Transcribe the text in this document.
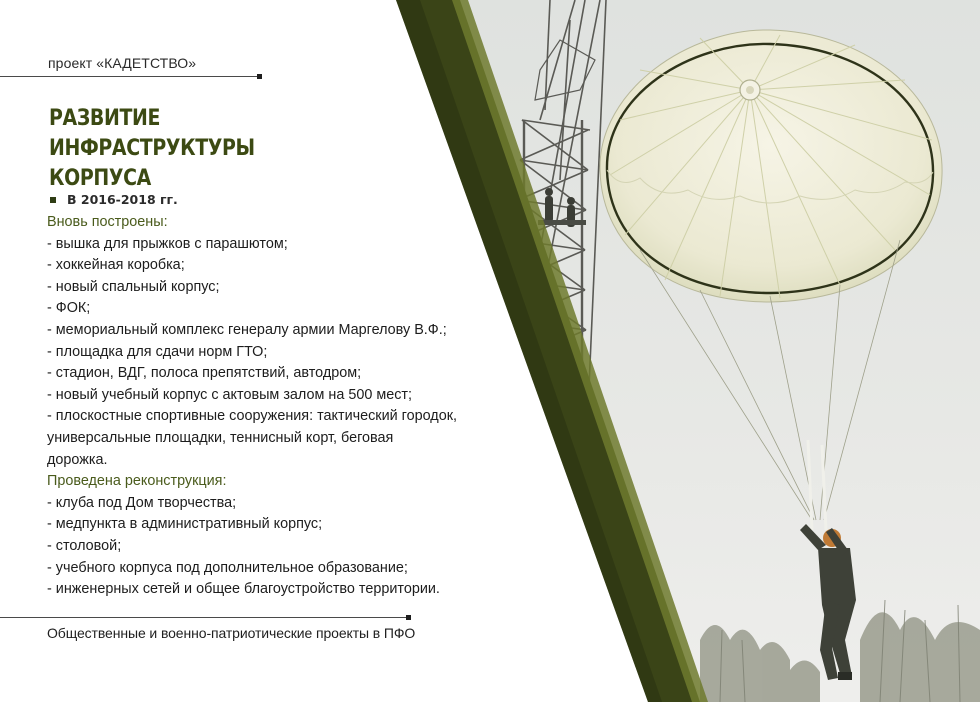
проект «КАДЕТСТВО»
РАЗВИТИЕ ИНФРАСТРУКТУРЫ
КОРПУСА
В 2016-2018 гг.
Вновь построены:
- вышка для прыжков с парашютом;
- хоккейная коробка;
- новый спальный корпус;
- ФОК;
- мемориальный комплекс генералу армии Маргелову В.Ф.;
- площадка для сдачи норм ГТО;
- стадион, ВДГ, полоса препятствий, автодром;
- новый учебный корпус с актовым залом на 500 мест;
- плоскостные спортивные сооружения: тактический городок, универсальные площадки, теннисный корт, беговая дорожка.
Проведена реконструкция:
- клуба под Дом творчества;
- медпункта в административный корпус;
- столовой;
- учебного корпуса под дополнительное образование;
- инженерных сетей и общее благоустройство территории.
Общественные и военно-патриотические проекты в ПФО
